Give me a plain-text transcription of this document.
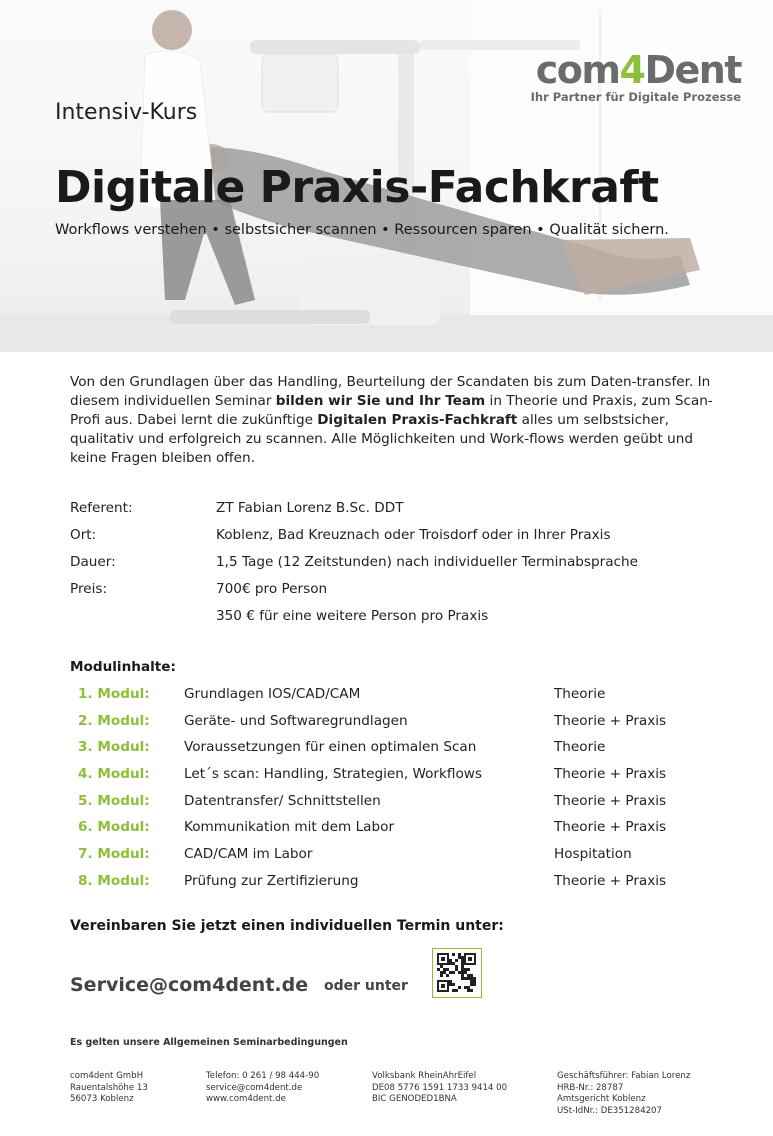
com4Dent
Ihr Partner für Digitale Prozesse
Intensiv-Kurs
Digitale Praxis-Fachkraft
Workflows verstehen • selbstsicher scannen • Ressourcen sparen • Qualität sichern.
Von den Grundlagen über das Handling, Beurteilung der Scandaten bis zum Daten-transfer. In diesem individuellen Seminar bilden wir Sie und Ihr Team in Theorie und Praxis, zum Scan-Profi aus. Dabei lernt die zukünftige Digitalen Praxis-Fachkraft alles um selbstsicher, qualitativ und erfolgreich zu scannen. Alle Möglichkeiten und Work-flows werden geübt und keine Fragen bleiben offen.
Referent:	ZT Fabian Lorenz B.Sc. DDT
Ort:	Koblenz, Bad Kreuznach oder Troisdorf oder in Ihrer Praxis
Dauer:	1,5 Tage (12 Zeitstunden) nach individueller Terminabsprache
Preis:	700€ pro Person
350 € für eine weitere Person pro Praxis
Modulinhalte:
1. Modul:	Grundlagen IOS/CAD/CAM	Theorie
2. Modul:	Geräte- und Softwaregrundlagen	Theorie + Praxis
3. Modul:	Voraussetzungen für einen optimalen Scan	Theorie
4. Modul:	Let´s scan: Handling, Strategien, Workflows	Theorie + Praxis
5. Modul:	Datentransfer/ Schnittstellen	Theorie + Praxis
6. Modul:	Kommunikation mit dem Labor	Theorie + Praxis
7. Modul:	CAD/CAM im Labor	Hospitation
8. Modul:	Prüfung zur Zertifizierung	Theorie + Praxis
Vereinbaren Sie jetzt einen individuellen Termin unter:
Service@com4dent.de oder unter
Es gelten unsere Allgemeinen Seminarbedingungen
com4dent GmbH
Rauentalshöhe 13
56073 Koblenz
Telefon: 0 261 / 98 444-90
service@com4dent.de
www.com4dent.de
Volksbank RheinAhrEifel
DE08 5776 1591 1733 9414 00
BIC GENODED1BNA
Geschäftsführer: Fabian Lorenz
HRB-Nr.: 28787
Amtsgericht Koblenz
USt-IdNr.: DE351284207
